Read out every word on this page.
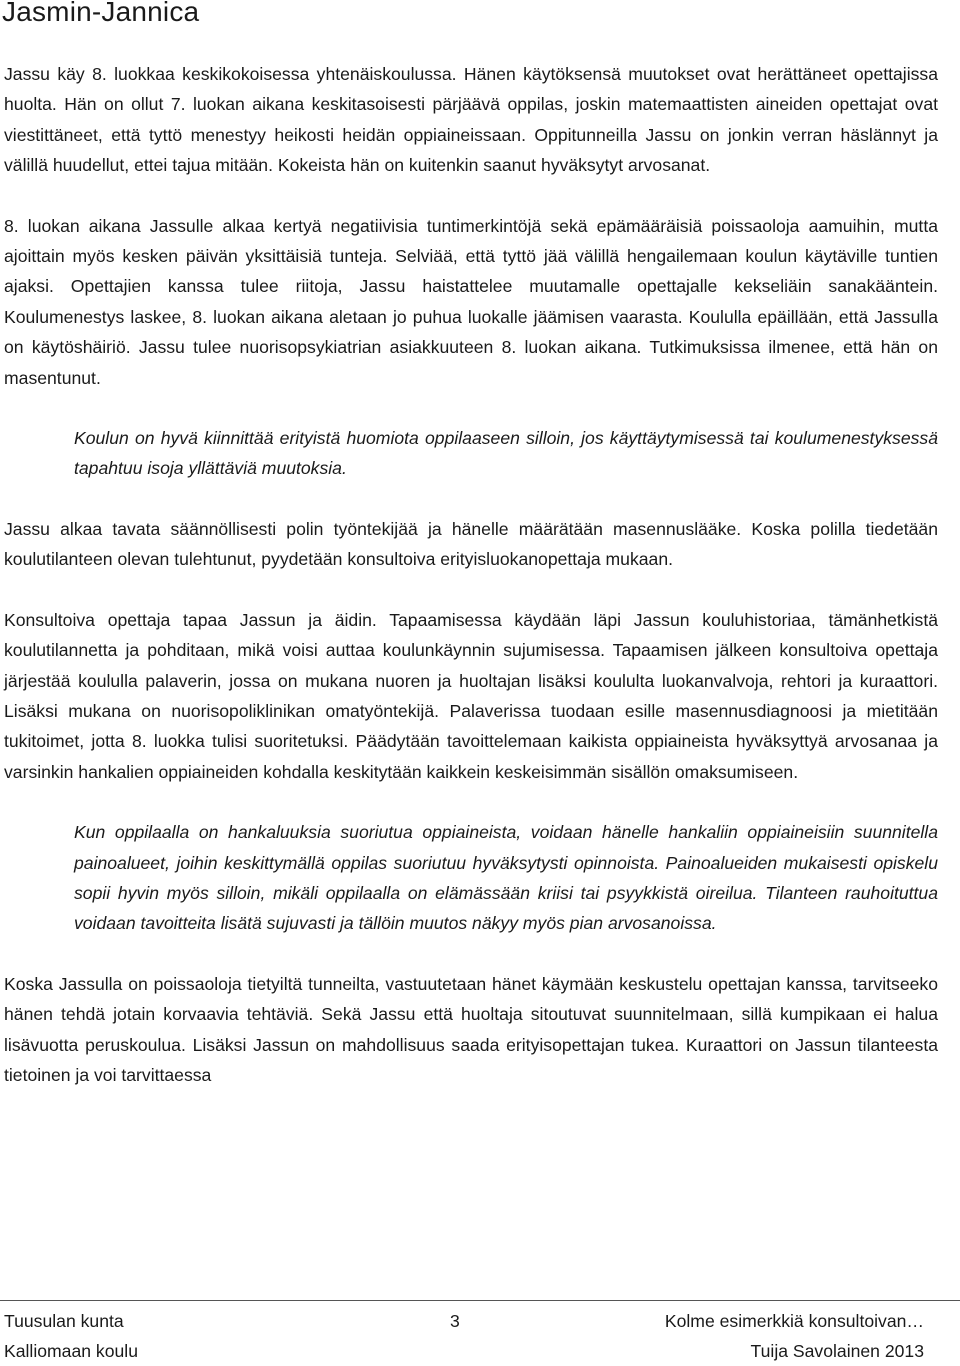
Jasmin-Jannica

Jassu käy 8. luokkaa keskikokoisessa yhtenäiskoulussa. Hänen käytöksensä muutokset ovat herättäneet opettajissa huolta. Hän on ollut 7. luokan aikana keskitasoisesti pärjäävä oppilas, joskin matemaattisten aineiden opettajat ovat viestittäneet, että tyttö menestyy heikosti heidän oppiaineissaan. Oppitunneilla Jassu on jonkin verran häslännyt ja välillä huudellut, ettei tajua mitään. Kokeista hän on kuitenkin saanut hyväksytyt arvosanat.

8. luokan aikana Jassulle alkaa kertyä negatiivisia tuntimerkintöjä sekä epämääräisiä poissaoloja aamuihin, mutta ajoittain myös kesken päivän yksittäisiä tunteja. Selviää, että tyttö jää välillä hengailemaan koulun käytäville tuntien ajaksi. Opettajien kanssa tulee riitoja, Jassu haistattelee muutamalle opettajalle kekseliäin sanakääntein. Koulumenestys laskee, 8. luokan aikana aletaan jo puhua luokalle jäämisen vaarasta. Koululla epäillään, että Jassulla on käytöshäiriö. Jassu tulee nuorisopsykiatrian asiakkuuteen 8. luokan aikana. Tutkimuksissa ilmenee, että hän on masentunut.

Koulun on hyvä kiinnittää erityistä huomiota oppilaaseen silloin, jos käyttäytymisessä tai koulumenestyksessä tapahtuu isoja yllättäviä muutoksia.

Jassu alkaa tavata säännöllisesti polin työntekijää ja hänelle määrätään masennuslääke. Koska polilla tiedetään koulutilanteen olevan tulehtunut, pyydetään konsultoiva erityisluokanopettaja mukaan.

Konsultoiva opettaja tapaa Jassun ja äidin. Tapaamisessa käydään läpi Jassun kouluhistoriaa, tämänhetkistä koulutilannetta ja pohditaan, mikä voisi auttaa koulunkäynnin sujumisessa. Tapaamisen jälkeen konsultoiva opettaja järjestää koululla palaverin, jossa on mukana nuoren ja huoltajan lisäksi koululta luokanvalvoja, rehtori ja kuraattori. Lisäksi mukana on nuorisopoliklinikan omatyöntekijä. Palaverissa tuodaan esille masennusdiagnoosi ja mietitään tukitoimet, jotta 8. luokka tulisi suoritetuksi. Päädytään tavoittelemaan kaikista oppiaineista hyväksyttyä arvosanaa ja varsinkin hankalien oppiaineiden kohdalla keskitytään kaikkein keskeisimmän sisällön omaksumiseen.

Kun oppilaalla on hankaluuksia suoriutua oppiaineista, voidaan hänelle hankaliin oppiaineisiin suunnitella painoalueet, joihin keskittymällä oppilas suoriutuu hyväksytysti opinnoista. Painoalueiden mukaisesti opiskelu sopii hyvin myös silloin, mikäli oppilaalla on elämässään kriisi tai psyykkistä oireilua. Tilanteen rauhoituttua voidaan tavoitteita lisätä sujuvasti ja tällöin muutos näkyy myös pian arvosanoissa.

Koska Jassulla on poissaoloja tietyiltä tunneilta, vastuutetaan hänet käymään keskustelu opettajan kanssa, tarvitseeko hänen tehdä jotain korvaavia tehtäviä. Sekä Jassu että huoltaja sitoutuvat suunnitelmaan, sillä kumpikaan ei halua lisävuotta peruskoulua. Lisäksi Jassun on mahdollisuus saada erityisopettajan tukea. Kuraattori on Jassun tilanteesta tietoinen ja voi tarvittaessa

Tuusulan kunta	3	Kolme esimerkkiä konsultoivan…
Kalliomaan koulu	Tuija Savolainen 2013
